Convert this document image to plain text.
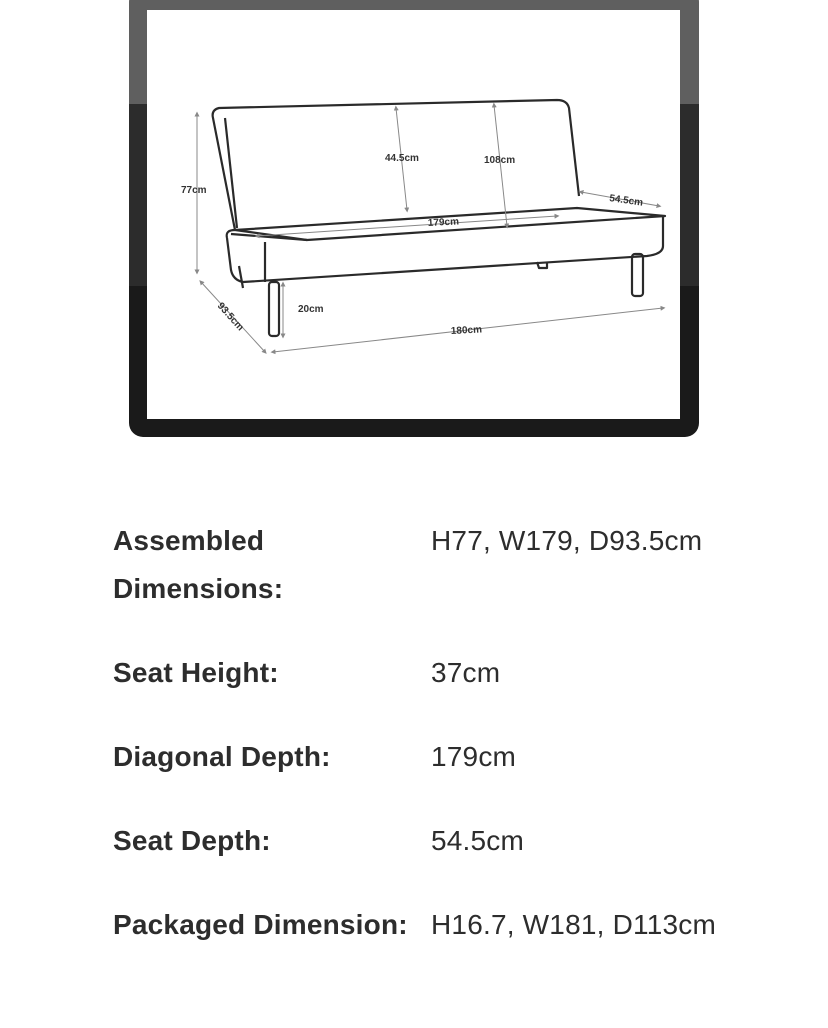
77cm
44.5cm	108cm
54.5cm
179cm
20cm
93.5cm	180cm
Assembled Dimensions:
H77, W179, D93.5cm
Seat Height:	37cm
Diagonal Depth:	179cm
Seat Depth:	54.5cm
Packaged Dimension: H16.7, W181, D113cm
